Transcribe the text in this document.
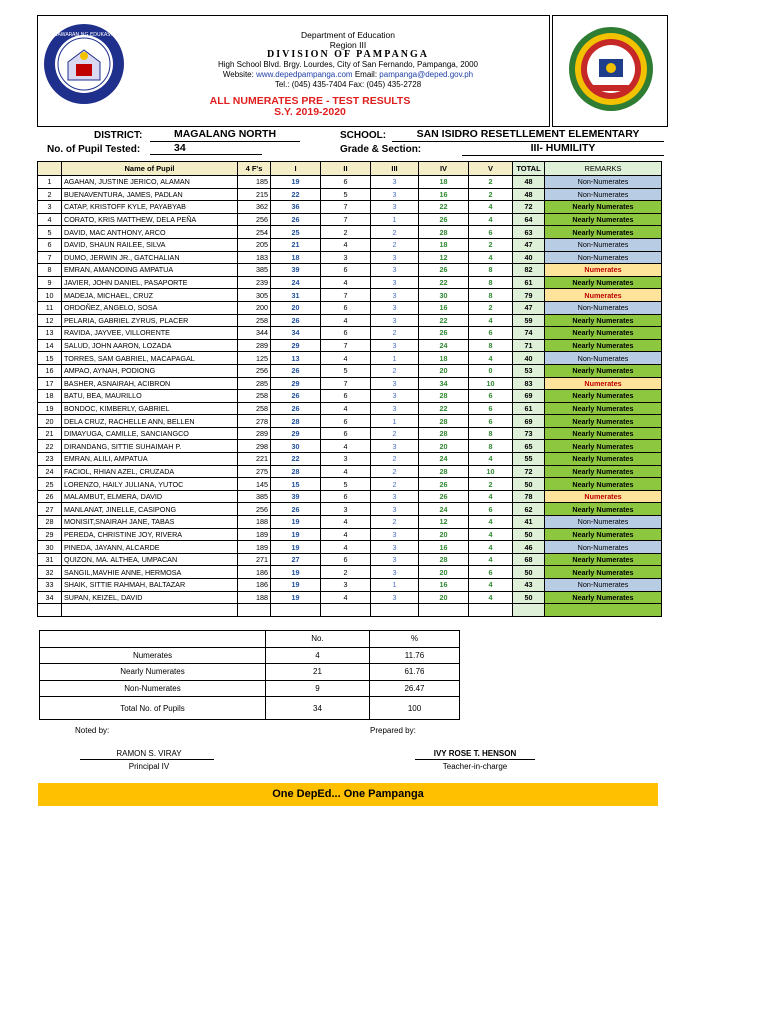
KAGAWARAN NG EDUKASYON	Department of Education
Region III
DIVISION OF PAMPANGA
High School Blvd. Brgy. Lourdes, City of San Fernando, Pampanga, 2000
Website: www.depedpampanga.com Email: pampanga@deped.gov.ph
Tel.: (045) 435-7404 Fax: (045) 435-2728
ALL NUMERATES PRE - TEST RESULTS
S.Y. 2019-2020
DISTRICT:	MAGALANG NORTH	SCHOOL:	SAN ISIDRO RESETLLEMENT ELEMENTARY
No. of Pupil Tested:	34	Grade & Section:	III- HUMILITY
	Name of Pupil	4 F's	I	II	III	IV	V	TOTAL	REMARKS
1	AGAHAN, JUSTINE JERICO, ALAMAN	185	19	6	3	18	2	48	Non-Numerates
2	BUENAVENTURA, JAMES, PADLAN	215	22	5	3	16	2	48	Non-Numerates
3	CATAP, KRISTOFF KYLE, PAYABYAB	362	36	7	3	22	4	72	Nearly Numerates
4	CORATO, KRIS MATTHEW, DELA PEÑA	256	26	7	1	26	4	64	Nearly Numerates
5	DAVID, MAC ANTHONY, ARCO	254	25	2	2	28	6	63	Nearly Numerates
6	DAVID, SHAUN RAILEE, SILVA	205	21	4	2	18	2	47	Non-Numerates
7	DUMO, JERWIN JR., GATCHALIAN	183	18	3	3	12	4	40	Non-Numerates
8	EMRAN, AMANODING AMPATUA	385	39	6	3	26	8	82	Numerates
9	JAVIER, JOHN DANIEL, PASAPORTE	239	24	4	3	22	8	61	Nearly Numerates
10	MADEJA, MICHAEL, CRUZ	305	31	7	3	30	8	79	Numerates
11	ORDOÑEZ, ANGELO, SOSA	200	20	6	3	16	2	47	Non-Numerates
12	PELARIA, GABRIEL ZYRUS, PLACER	258	26	4	3	22	4	59	Nearly Numerates
13	RAVIDA, JAYVEE, VILLORENTE	344	34	6	2	26	6	74	Nearly Numerates
14	SALUD, JOHN AARON, LOZADA	289	29	7	3	24	8	71	Nearly Numerates
15	TORRES, SAM GABRIEL, MACAPAGAL	125	13	4	1	18	4	40	Non-Numerates
16	AMPAO, AYNAH, PODIONG	256	26	5	2	20	0	53	Nearly Numerates
17	BASHER, ASNAIRAH, ACIBRON	285	29	7	3	34	10	83	Numerates
18	BATU, BEA, MAURILLO	258	26	6	3	28	6	69	Nearly Numerates
19	BONDOC, KIMBERLY, GABRIEL	258	26	4	3	22	6	61	Nearly Numerates
20	DELA CRUZ, RACHELLE ANN, BELLEN	278	28	6	1	28	6	69	Nearly Numerates
21	DIMAYUGA, CAMILLE, SANCIANGCO	289	29	6	2	28	8	73	Nearly Numerates
22	DIRANDANG, SITTIE SUHAIMAH P.	298	30	4	3	20	8	65	Nearly Numerates
23	EMRAN, ALILI, AMPATUA	221	22	3	2	24	4	55	Nearly Numerates
24	FACIOL, RHIAN AZEL, CRUZADA	275	28	4	2	28	10	72	Nearly Numerates
25	LORENZO, HAILY JULIANA, YUTOC	145	15	5	2	26	2	50	Nearly Numerates
26	MALAMBUT, ELMERA, DAVID	385	39	6	3	26	4	78	Numerates
27	MANLANAT, JINELLE, CASIPONG	256	26	3	3	24	6	62	Nearly Numerates
28	MONISIT,SNAIRAH JANE, TABAS	188	19	4	2	12	4	41	Non-Numerates
29	PEREDA, CHRISTINE JOY, RIVERA	189	19	4	3	20	4	50	Nearly Numerates
30	PINEDA, JAYANN, ALCARDE	189	19	4	3	16	4	46	Non-Numerates
31	QUIZON, MA. ALTHEA, UMPACAN	271	27	6	3	28	4	68	Nearly Numerates
32	SANGIL,MAVHIE ANNE, HERMOSA	186	19	2	3	20	6	50	Nearly Numerates
33	SHAIK, SITTIE RAHMAH, BALTAZAR	186	19	3	1	16	4	43	Non-Numerates
34	SUPAN, KEIZEL, DAVID	188	19	4	3	20	4	50	Nearly Numerates

	No.	%
Numerates	4	11.76
Nearly Numerates	21	61.76
Non-Numerates	9	26.47
Total No. of Pupils	34	100
Noted by:	Prepared by:
RAMON S. VIRAY
Principal IV
IVY ROSE T. HENSON
Teacher-in-charge
One DepEd... One Pampanga
